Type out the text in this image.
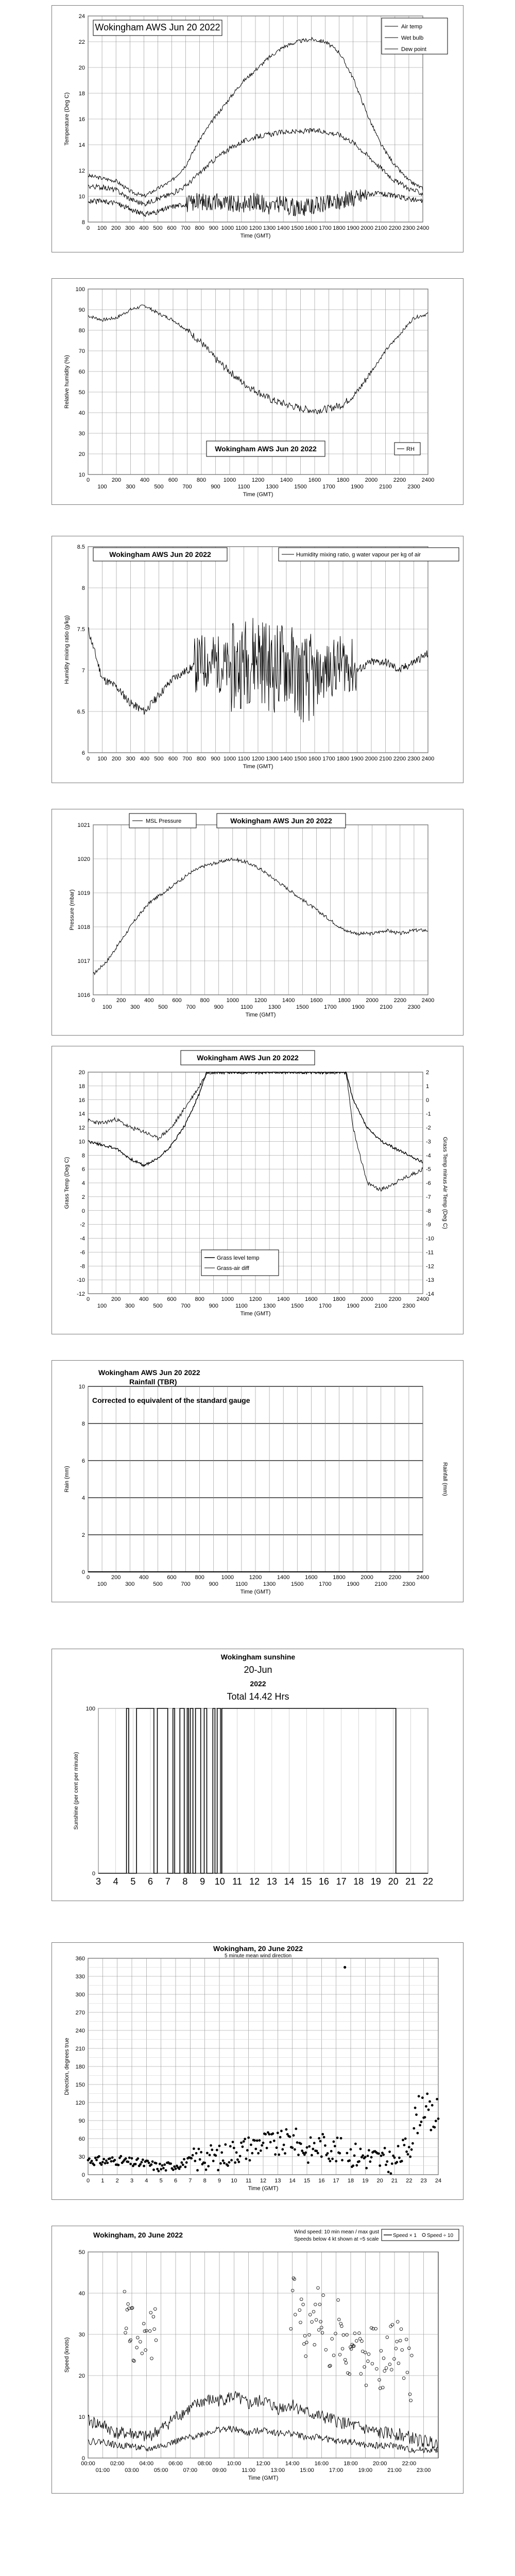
8
10
12
14
16
18
20
22
24
0 100 200 300 400 500 600 700 800 900 1000 1100 1200 1300 1400 1500 1600 1700 1800 1900 2000 2100 2200 2300 2400
Time (GMT)
Temperature (Deg C)
Wokingham AWS Jun 20 2022	Air temp
Wet bulb
Dew point
10
20
30
40
50
60
70
80
90
100
0	200	400	600	800	1000	1200	1400	1600	1800	2000	2200	2400
100	300	500	700	900	1100	1300	1500	1700	1900	2100	2300
Time (GMT)
Relative humidity (%)
Wokingham AWS Jun 20 2022	RH
6
6.5
7
7.5
8
8.5
0 100 200 300 400 500 600 700 800 900 1000 1100 1200 1300 1400 1500 1600 1700 1800 1900 2000 2100 2200 2300 2400
Time (GMT)
Humidity mixing ratio (g/kg)
Wokingham AWS Jun 20 2022	Humidity mixing ratio, g water vapour per kg of air
1016
1017
1018
1019
1020
1021
0	200	400	600	800	1000	1200	1400	1600	1800	2000	2200	2400
100	300	500	700	900	1100	1300	1500	1700	1900	2100	2300
Time (GMT)
Pressure (mbar)
MSL Pressure	Wokingham AWS Jun 20 2022
-12
-10
-8
-6
-4
-2
0
2
4
6
8
10
12
14
16
18
20
-14
-13
-12
-11
-10
-9
-8
-7
-6
-5
-4
-3
-2
-1
0
1
2
0	200	400	600	800	1000	1200	1400	1600	1800	2000	2200	2400
100	300	500	700	900	1100	1300	1500	1700	1900	2100	2300
Time (GMT)
Grass Temp (Deg C)	Grass Temp minus Air Temp (Deg C)
Wokingham AWS Jun 20 2022
Grass level temp
Grass-air diff
0
2
4
6
8
10
0	200	400	600	800	1000	1200	1400	1600	1800	2000	2200	2400
100	300	500	700	900	1100	1300	1500	1700	1900	2100	2300
Time (GMT)
Rain (mm)	Rainfall (mm)
Wokingham AWS Jun 20 2022
Rainfall (TBR)
Corrected to equivalent of the standard gauge
3 4 5 6 7 8 9 10 11 12 13 14 15 16 17 18 19 20 21 22
0
100
Sunshine (per cent per minute)
Wokingham sunshine
20-Jun
2022
Total 14.42 Hrs
0
30
60
90
120
150
180
210
240
270
300
330
360
0 1 2 3 4 5 6 7 8 9 10 11 12 13 14 15 16 17 18 19 20 21 22 23 24
Time (GMT)
Direction, degrees true
Wokingham, 20 June 2022
5 minute mean wind direction
0
10
20
30
40
50
00:00	02:00	04:00	06:00	08:00	10:00	12:00	14:00	16:00	18:00	20:00	22:00
01:00	03:00	05:00	07:00	09:00	11:00	13:00	15:00	17:00	19:00	21:00	23:00
Time (GMT)
Speed (knots)
Wokingham, 20 June 2022	Wind speed: 10 min mean / max gust
Speeds below 4 kt shown at ÷5 scale
Speed × 1 Speed ÷ 10
